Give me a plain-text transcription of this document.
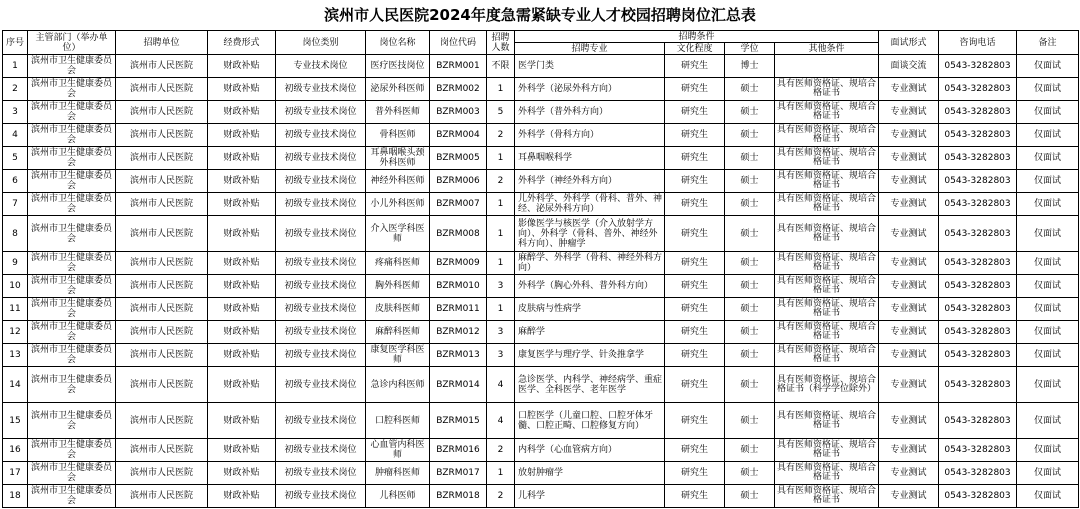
滨州市人民医院2024年度急需紧缺专业人才校园招聘岗位汇总表
序号	主管部门（举办单位）	招聘单位	经费形式	岗位类别	岗位名称	岗位代码	招聘人数	招聘条件				面试形式	咨询电话	备注
								招聘专业	文化程度	学位	其他条件			
1	滨州市卫生健康委员会	滨州市人民医院	财政补贴	专业技术岗位	医疗医技岗位	BZRM001	不限	医学门类	研究生	博士		面谈交流	0543-3282803	仅面试
2	滨州市卫生健康委员会	滨州市人民医院	财政补贴	初级专业技术岗位	泌尿外科医师	BZRM002	1	外科学（泌尿外科方向）	研究生	硕士	具有医师资格证、规培合格证书	专业测试	0543-3282803	仅面试
3	滨州市卫生健康委员会	滨州市人民医院	财政补贴	初级专业技术岗位	普外科医师	BZRM003	5	外科学（普外科方向）	研究生	硕士	具有医师资格证、规培合格证书	专业测试	0543-3282803	仅面试
4	滨州市卫生健康委员会	滨州市人民医院	财政补贴	初级专业技术岗位	骨科医师	BZRM004	2	外科学（骨科方向）	研究生	硕士	具有医师资格证、规培合格证书	专业测试	0543-3282803	仅面试
5	滨州市卫生健康委员会	滨州市人民医院	财政补贴	初级专业技术岗位	耳鼻咽喉头颈外科医师	BZRM005	1	耳鼻咽喉科学	研究生	硕士	具有医师资格证、规培合格证书	专业测试	0543-3282803	仅面试
6	滨州市卫生健康委员会	滨州市人民医院	财政补贴	初级专业技术岗位	神经外科医师	BZRM006	2	外科学（神经外科方向）	研究生	硕士	具有医师资格证、规培合格证书	专业测试	0543-3282803	仅面试
7	滨州市卫生健康委员会	滨州市人民医院	财政补贴	初级专业技术岗位	小儿外科医师	BZRM007	1	儿外科学、外科学（骨科、普外、神经、泌尿外科方向）	研究生	硕士	具有医师资格证、规培合格证书	专业测试	0543-3282803	仅面试
8	滨州市卫生健康委员会	滨州市人民医院	财政补贴	初级专业技术岗位	介入医学科医师	BZRM008	1	影像医学与核医学（介入放射学方向）、外科学（骨科、普外、神经外科方向）、肿瘤学	研究生	硕士	具有医师资格证、规培合格证书	专业测试	0543-3282803	仅面试
9	滨州市卫生健康委员会	滨州市人民医院	财政补贴	初级专业技术岗位	疼痛科医师	BZRM009	1	麻醉学、外科学（骨科、神经外科方向）	研究生	硕士	具有医师资格证、规培合格证书	专业测试	0543-3282803	仅面试
10	滨州市卫生健康委员会	滨州市人民医院	财政补贴	初级专业技术岗位	胸外科医师	BZRM010	3	外科学（胸心外科、普外科方向）	研究生	硕士	具有医师资格证、规培合格证书	专业测试	0543-3282803	仅面试
11	滨州市卫生健康委员会	滨州市人民医院	财政补贴	初级专业技术岗位	皮肤科医师	BZRM011	1	皮肤病与性病学	研究生	硕士	具有医师资格证、规培合格证书	专业测试	0543-3282803	仅面试
12	滨州市卫生健康委员会	滨州市人民医院	财政补贴	初级专业技术岗位	麻醉科医师	BZRM012	3	麻醉学	研究生	硕士	具有医师资格证、规培合格证书	专业测试	0543-3282803	仅面试
13	滨州市卫生健康委员会	滨州市人民医院	财政补贴	初级专业技术岗位	康复医学科医师	BZRM013	3	康复医学与理疗学、针灸推拿学	研究生	硕士	具有医师资格证、规培合格证书	专业测试	0543-3282803	仅面试
14	滨州市卫生健康委员会	滨州市人民医院	财政补贴	初级专业技术岗位	急诊内科医师	BZRM014	4	急诊医学、内科学、神经病学、重症医学、全科医学、老年医学	研究生	硕士	具有医师资格证、规培合格证书（科学学位除外）	专业测试	0543-3282803	仅面试
15	滨州市卫生健康委员会	滨州市人民医院	财政补贴	初级专业技术岗位	口腔科医师	BZRM015	4	口腔医学（儿童口腔、口腔牙体牙髓、口腔正畸、口腔修复方向）	研究生	硕士	具有医师资格证、规培合格证书	专业测试	0543-3282803	仅面试
16	滨州市卫生健康委员会	滨州市人民医院	财政补贴	初级专业技术岗位	心血管内科医师	BZRM016	2	内科学（心血管病方向）	研究生	硕士	具有医师资格证、规培合格证书	专业测试	0543-3282803	仅面试
17	滨州市卫生健康委员会	滨州市人民医院	财政补贴	初级专业技术岗位	肿瘤科医师	BZRM017	1	放射肿瘤学	研究生	硕士	具有医师资格证、规培合格证书	专业测试	0543-3282803	仅面试
18	滨州市卫生健康委员会	滨州市人民医院	财政补贴	初级专业技术岗位	儿科医师	BZRM018	2	儿科学	研究生	硕士	具有医师资格证、规培合格证书	专业测试	0543-3282803	仅面试
